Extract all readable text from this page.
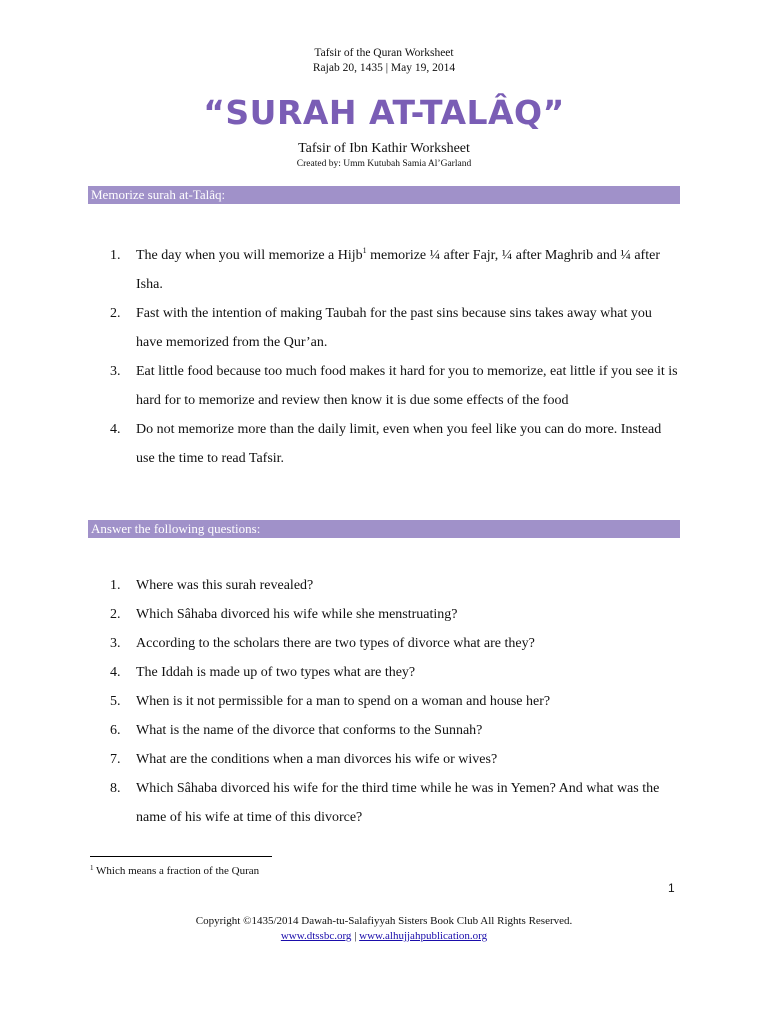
Tafsir of the Quran Worksheet
Rajab 20, 1435 | May 19, 2014
“SURAH AT-TALÂQ”
Tafsir of Ibn Kathir Worksheet
Created by: Umm Kutubah Samia Al’Garland
Memorize surah at-Talâq:
1.	The day when you will memorize a Hijb$^1$ memorize ¼ after Fajr, ¼ after Maghrib and ¼ after Isha.
2.	Fast with the intention of making Taubah for the past sins because sins takes away what you have memorized from the Qur’an.
3.	Eat little food because too much food makes it hard for you to memorize, eat little if you see it is hard for to memorize and review then know it is due some effects of the food
4.	Do not memorize more than the daily limit, even when you feel like you can do more. Instead use the time to read Tafsir.
Answer the following questions:
1.	Where was this surah revealed?
2.	Which Sâhaba divorced his wife while she menstruating?
3.	According to the scholars there are two types of divorce what are they?
4.	The Iddah is made up of two types what are they?
5.	When is it not permissible for a man to spend on a woman and house her?
6.	What is the name of the divorce that conforms to the Sunnah?
7.	What are the conditions when a man divorces his wife or wives?
8.	Which Sâhaba divorced his wife for the third time while he was in Yemen? And what was the name of his wife at time of this divorce?
$^1$ Which means a fraction of the Quran
1
Copyright ©1435/2014 Dawah-tu-Salafiyyah Sisters Book Club All Rights Reserved.
www.dtssbc.org | www.alhujjahpublication.org
